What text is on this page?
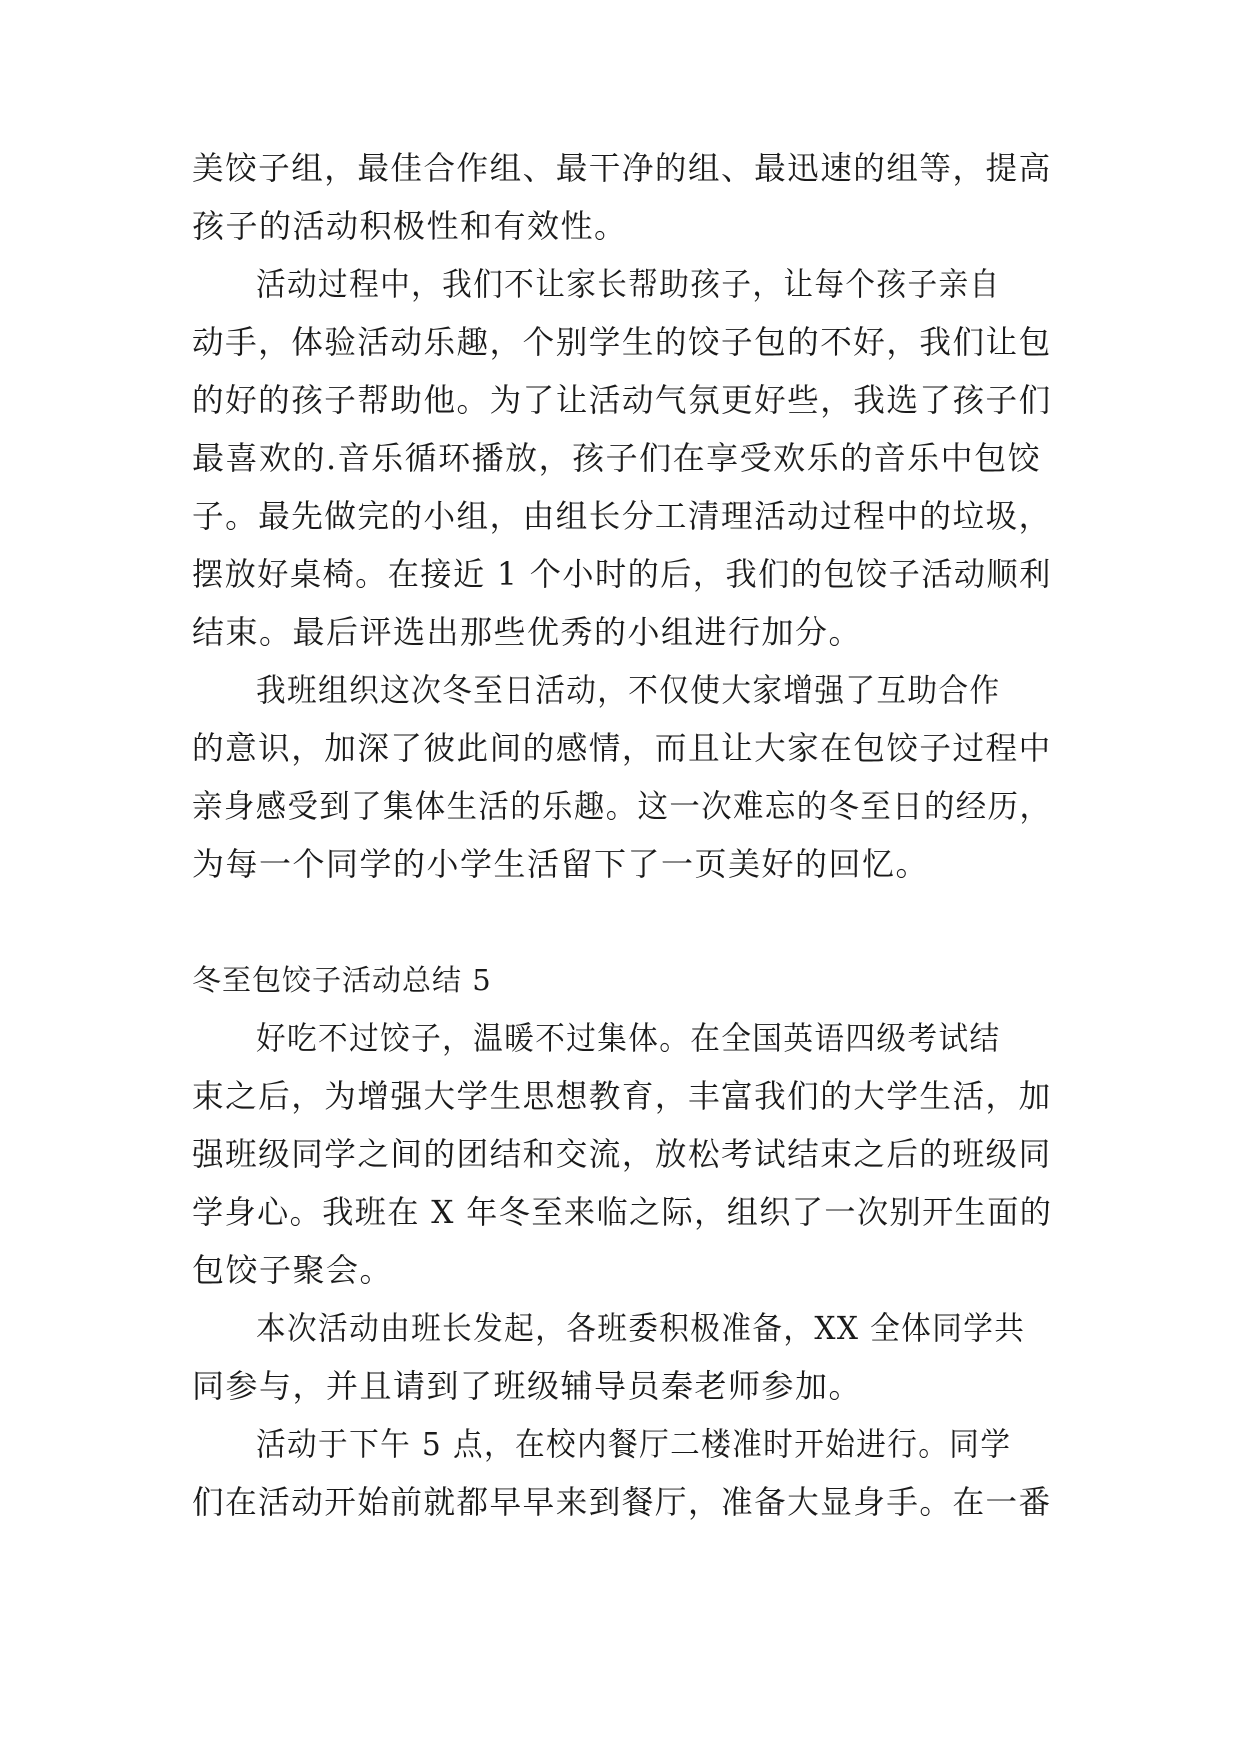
美饺子组，最佳合作组、最干净的组、最迅速的组等，提高
孩子的活动积极性和有效性。
活动过程中，我们不让家长帮助孩子，让每个孩子亲自
动手，体验活动乐趣，个别学生的饺子包的不好，我们让包
的好的孩子帮助他。为了让活动气氛更好些，我选了孩子们
最喜欢的.音乐循环播放，孩子们在享受欢乐的音乐中包饺
子。最先做完的小组，由组长分工清理活动过程中的垃圾，
摆放好桌椅。在接近 1 个小时的后，我们的包饺子活动顺利
结束。最后评选出那些优秀的小组进行加分。
我班组织这次冬至日活动，不仅使大家增强了互助合作
的意识，加深了彼此间的感情，而且让大家在包饺子过程中
亲身感受到了集体生活的乐趣。这一次难忘的冬至日的经历，
为每一个同学的小学生活留下了一页美好的回忆。
冬至包饺子活动总结 5
好吃不过饺子，温暖不过集体。在全国英语四级考试结
束之后，为增强大学生思想教育，丰富我们的大学生活，加
强班级同学之间的团结和交流，放松考试结束之后的班级同
学身心。我班在 X 年冬至来临之际，组织了一次别开生面的
包饺子聚会。
本次活动由班长发起，各班委积极准备，XX 全体同学共
同参与，并且请到了班级辅导员秦老师参加。
活动于下午 5 点，在校内餐厅二楼准时开始进行。同学
们在活动开始前就都早早来到餐厅，准备大显身手。在一番
